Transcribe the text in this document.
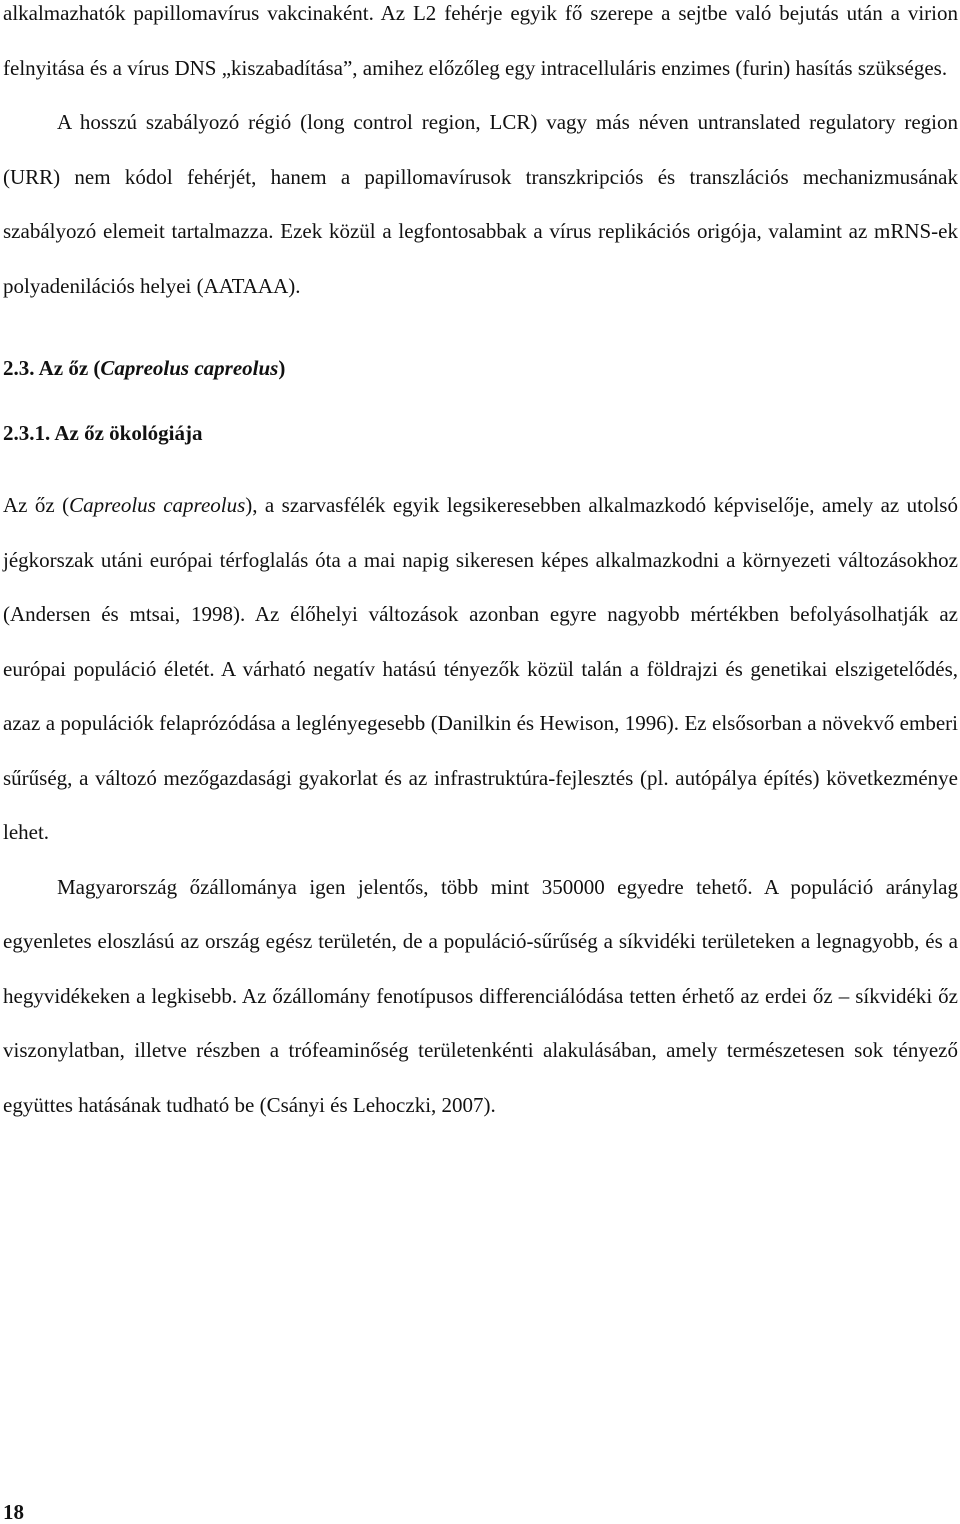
alkalmazhatók papillomavírus vakcinaként. Az L2 fehérje egyik fő szerepe a sejtbe való bejutás után a virion felnyitása és a vírus DNS „kiszabadítása”, amihez előzőleg egy intracelluláris enzimes (furin) hasítás szükséges.

A hosszú szabályozó régió (long control region, LCR) vagy más néven untranslated regulatory region (URR) nem kódol fehérjét, hanem a papillomavírusok transzkripciós és transzlációs mechanizmusának szabályozó elemeit tartalmazza. Ezek közül a legfontosabbak a vírus replikációs origója, valamint az mRNS-ek polyadenilációs helyei (AATAAA).

2.3. Az őz (Capreolus capreolus)
2.3.1. Az őz ökológiája

Az őz (Capreolus capreolus), a szarvasfélék egyik legsikeresebben alkalmazkodó képviselője, amely az utolsó jégkorszak utáni európai térfoglalás óta a mai napig sikeresen képes alkalmazkodni a környezeti változásokhoz (Andersen és mtsai, 1998). Az élőhelyi változások azonban egyre nagyobb mértékben befolyásolhatják az európai populáció életét. A várható negatív hatású tényezők közül talán a földrajzi és genetikai elszigetelődés, azaz a populációk felaprózódása a leglényegesebb (Danilkin és Hewison, 1996). Ez elsősorban a növekvő emberi sűrűség, a változó mezőgazdasági gyakorlat és az infrastruktúra-fejlesztés (pl. autópálya építés) következménye lehet.

Magyarország őzállománya igen jelentős, több mint 350000 egyedre tehető. A populáció aránylag egyenletes eloszlású az ország egész területén, de a populáció-sűrűség a síkvidéki területeken a legnagyobb, és a hegyvidékeken a legkisebb. Az őzállomány fenotípusos differenciálódása tetten érhető az erdei őz – síkvidéki őz viszonylatban, illetve részben a trófeaminőség területenkénti alakulásában, amely természetesen sok tényező együttes hatásának tudható be (Csányi és Lehoczki, 2007).

18
